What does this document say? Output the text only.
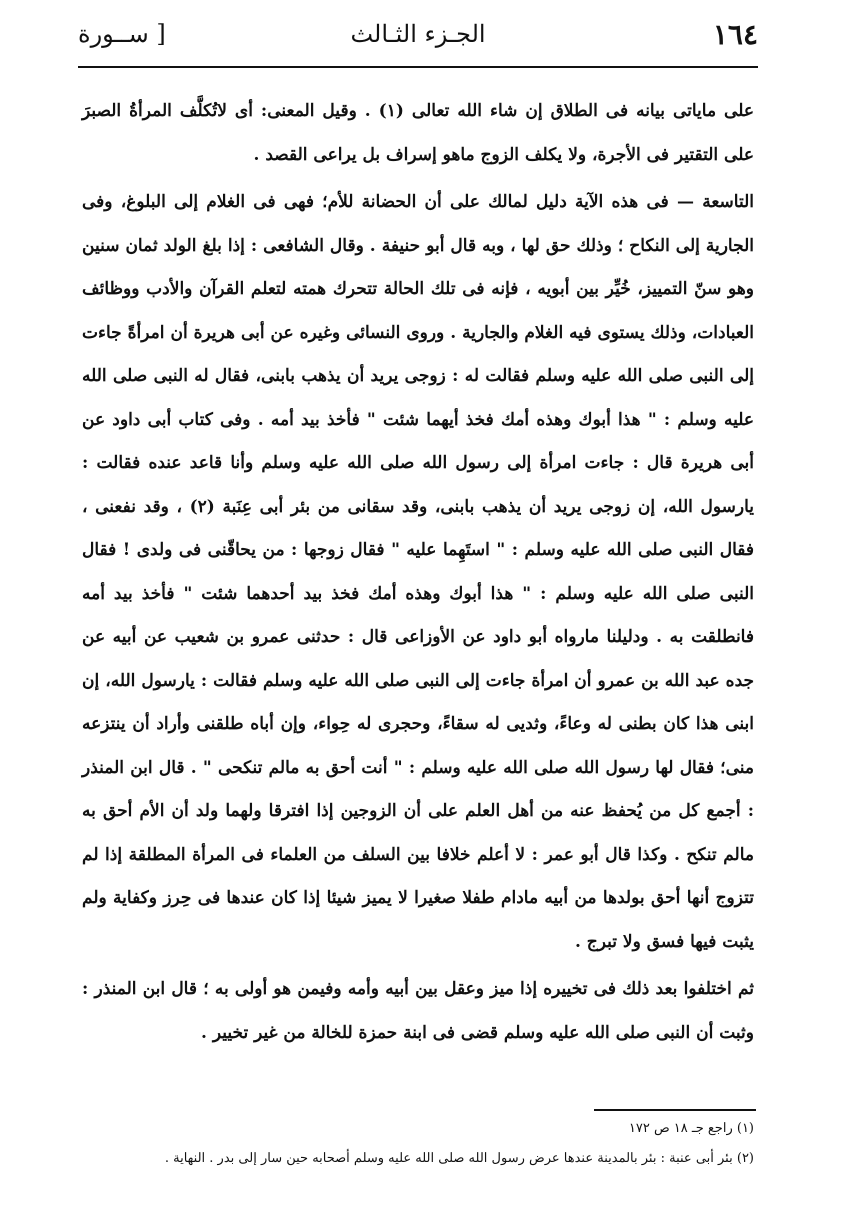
١٦٤
الجـزء الثـالث
[ ســورة

على ماياتى بيانه فى الطلاق إن شاء الله تعالى (١) . وقيل المعنى: أى لاتُكلَّف المرأةُ الصبرَ على التقتير فى الأجرة، ولا يكلف الزوج ماهو إسراف بل يراعى القصد .

التاسعة — فى هذه الآية دليل لمالك على أن الحضانة للأم؛ فهى فى الغلام إلى البلوغ، وفى الجارية إلى النكاح ؛ وذلك حق لها ، وبه قال أبو حنيفة . وقال الشافعى : إذا بلغ الولد ثمان سنين وهو سنّ التمييز، خُيِّر بين أبويه ، فإنه فى تلك الحالة تتحرك همته لتعلم القرآن والأدب ووظائف العبادات، وذلك يستوى فيه الغلام والجارية . وروى النسائى وغيره عن أبى هريرة أن امرأةً جاءت إلى النبى صلى الله عليه وسلم فقالت له : زوجى يريد أن يذهب بابنى، فقال له النبى صلى الله عليه وسلم : " هذا أبوك وهذه أمك فخذ أيهما شئت " فأخذ بيد أمه . وفى كتاب أبى داود عن أبى هريرة قال : جاءت امرأة إلى رسول الله صلى الله عليه وسلم وأنا قاعد عنده فقالت : يارسول الله، إن زوجى يريد أن يذهب بابنى، وقد سقانى من بئر أبى عِنَبة (٢) ، وقد نفعنى ، فقال النبى صلى الله عليه وسلم : " استَهِما عليه " فقال زوجها : من يحاقّنى فى ولدى ! فقال النبى صلى الله عليه وسلم : " هذا أبوك وهذه أمك فخذ بيد أحدهما شئت " فأخذ بيد أمه فانطلقت به . ودليلنا مارواه أبو داود عن الأوزاعى قال : حدثنى عمرو بن شعيب عن أبيه عن جده عبد الله بن عمرو أن امرأة جاءت إلى النبى صلى الله عليه وسلم فقالت : يارسول الله، إن ابنى هذا كان بطنى له وعاءً، وثديى له سقاءً، وحجرى له حِواء، وإن أباه طلقنى وأراد أن ينتزعه منى؛ فقال لها رسول الله صلى الله عليه وسلم : " أنت أحق به مالم تنكحى " . قال ابن المنذر : أجمع كل من يُحفظ عنه من أهل العلم على أن الزوجين إذا افترقا ولهما ولد أن الأم أحق به مالم تنكح . وكذا قال أبو عمر : لا أعلم خلافا بين السلف من العلماء فى المرأة المطلقة إذا لم تتزوج أنها أحق بولدها من أبيه مادام طفلا صغيرا لا يميز شيئا إذا كان عندها فى حِرز وكفاية ولم يثبت فيها فسق ولا تبرج .

ثم اختلفوا بعد ذلك فى تخييره إذا ميز وعقل بين أبيه وأمه وفيمن هو أولى به ؛ قال ابن المنذر : وثبت أن النبى صلى الله عليه وسلم قضى فى ابنة حمزة للخالة من غير تخيير .

(١) راجع جـ ١٨ ص ١٧٢
(٢) بئر أبى عنبة : بئر بالمدينة عندها عرض رسول الله صلى الله عليه وسلم أصحابه حين سار إلى بدر . النهاية .
